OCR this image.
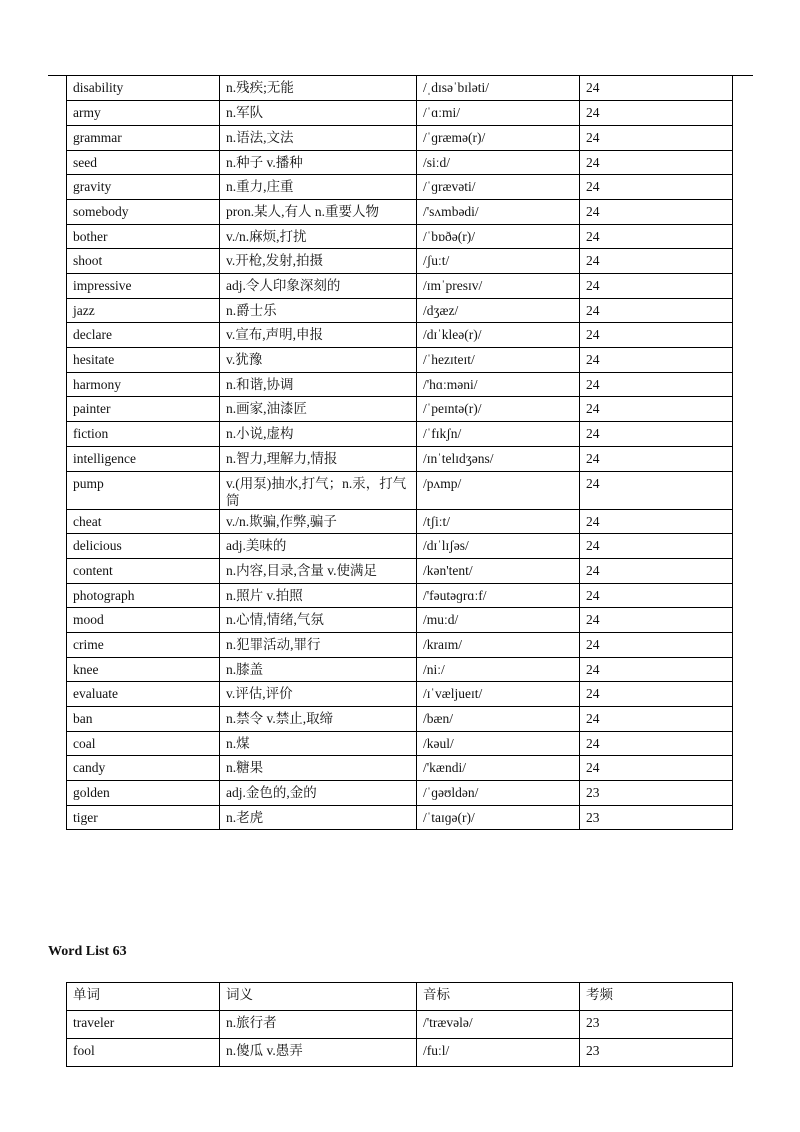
disability	n.残疾;无能	/ˌdɪsəˈbɪləti/	24
army	n.军队	/ˈɑːmi/	24
grammar	n.语法,文法	/ˈɡræmə(r)/	24
seed	n.种子 v.播种	/siːd/	24
gravity	n.重力,庄重	/ˈɡrævəti/	24
somebody	pron.某人,有人 n.重要人物	/'sʌmbədi/	24
bother	v./n.麻烦,打扰	/ˈbɒðə(r)/	24
shoot	v.开枪,发射,拍摄	/ʃuːt/	24
impressive	adj.令人印象深刻的	/ɪmˈpresɪv/	24
jazz	n.爵士乐	/dʒæz/	24
declare	v.宣布,声明,申报	/dɪˈkleə(r)/	24
hesitate	v.犹豫	/ˈhezɪteɪt/	24
harmony	n.和谐,协调	/'hɑːməni/	24
painter	n.画家,油漆匠	/ˈpeɪntə(r)/	24
fiction	n.小说,虚构	/ˈfɪkʃn/	24
intelligence	n.智力,理解力,情报	/ɪnˈtelɪdʒəns/	24
pump	v.(用泵)抽水,打气；n.汞，打气筒	/pʌmp/	24
cheat	v./n.欺骗,作弊,骗子	/tʃiːt/	24
delicious	adj.美味的	/dɪˈlɪʃəs/	24
content	n.内容,目录,含量 v.使满足	/kən'tent/	24
photograph	n.照片 v.拍照	/'fəutəɡrɑːf/	24
mood	n.心情,情绪,气氛	/muːd/	24
crime	n.犯罪活动,罪行	/kraɪm/	24
knee	n.膝盖	/niː/	24
evaluate	v.评估,评价	/ɪˈvæljueɪt/	24
ban	n.禁令 v.禁止,取缔	/bæn/	24
coal	n.煤	/kəul/	24
candy	n.糖果	/'kændi/	24
golden	adj.金色的,金的	/ˈɡəʊldən/	23
tiger	n.老虎	/ˈtaɪɡə(r)/	23
Word List 63
单词	词义	音标	考频
traveler	n.旅行者	/'trævələ/	23
fool	n.傻瓜 v.愚弄	/fuːl/	23
